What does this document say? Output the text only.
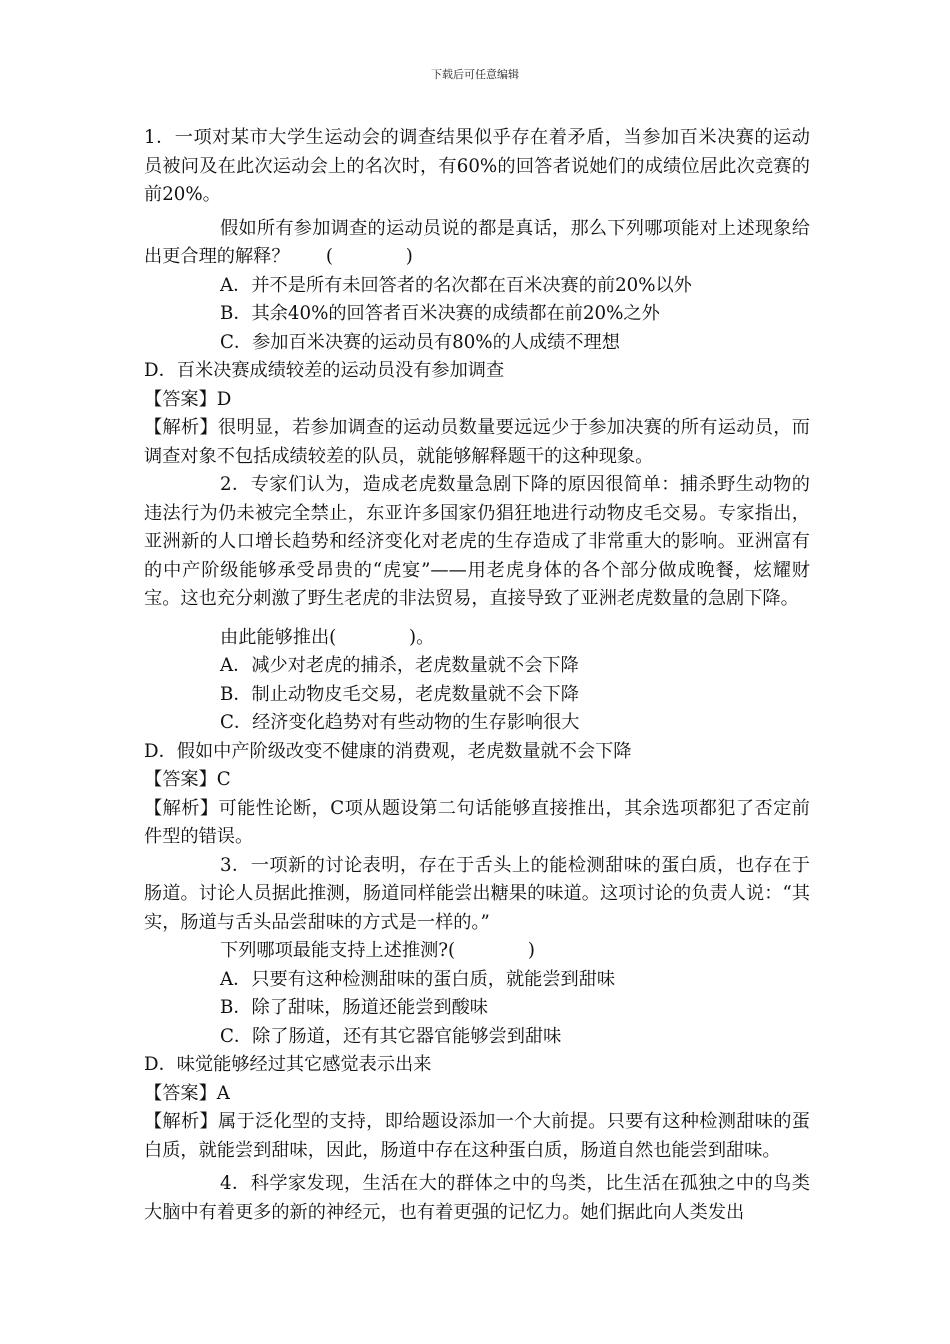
下载后可任意编辑

1．一项对某市大学生运动会的调查结果似乎存在着矛盾，当参加百米决赛的运动员被问及在此次运动会上的名次时，有60%的回答者说她们的成绩位居此次竞赛的前20%。

假如所有参加调查的运动员说的都是真话，那么下列哪项能对上述现象给出更合理的解释？　　(　　　　)

A．并不是所有未回答者的名次都在百米决赛的前20%以外

B．其余40%的回答者百米决赛的成绩都在前20%之外

C．参加百米决赛的运动员有80%的人成绩不理想

D．百米决赛成绩较差的运动员没有参加调查

【答案】D

【解析】很明显，若参加调查的运动员数量要远远少于参加决赛的所有运动员，而调查对象不包括成绩较差的队员，就能够解释题干的这种现象。

2．专家们认为，造成老虎数量急剧下降的原因很简单：捕杀野生动物的违法行为仍未被完全禁止，东亚许多国家仍猖狂地进行动物皮毛交易。专家指出，亚洲新的人口增长趋势和经济变化对老虎的生存造成了非常重大的影响。亚洲富有的中产阶级能够承受昂贵的“虎宴”——用老虎身体的各个部分做成晚餐，炫耀财宝。这也充分刺激了野生老虎的非法贸易，直接导致了亚洲老虎数量的急剧下降。

由此能够推出(　　　　)。

A．减少对老虎的捕杀，老虎数量就不会下降

B．制止动物皮毛交易，老虎数量就不会下降

C．经济变化趋势对有些动物的生存影响很大

D．假如中产阶级改变不健康的消费观，老虎数量就不会下降

【答案】C

【解析】可能性论断，C项从题设第二句话能够直接推出，其余选项都犯了否定前件型的错误。

3．一项新的讨论表明，存在于舌头上的能检测甜味的蛋白质，也存在于肠道。讨论人员据此推测，肠道同样能尝出糖果的味道。这项讨论的负责人说：“其实，肠道与舌头品尝甜味的方式是一样的。”

下列哪项最能支持上述推测?(　　　　)

A．只要有这种检测甜味的蛋白质，就能尝到甜味

B．除了甜味，肠道还能尝到酸味

C．除了肠道，还有其它器官能够尝到甜味

D．味觉能够经过其它感觉表示出来

【答案】A

【解析】属于泛化型的支持，即给题设添加一个大前提。只要有这种检测甜味的蛋白质，就能尝到甜味，因此，肠道中存在这种蛋白质，肠道自然也能尝到甜味。

4．科学家发现，生活在大的群体之中的鸟类，比生活在孤独之中的鸟类大脑中有着更多的新的神经元，也有着更强的记忆力。她们据此向人类发出
